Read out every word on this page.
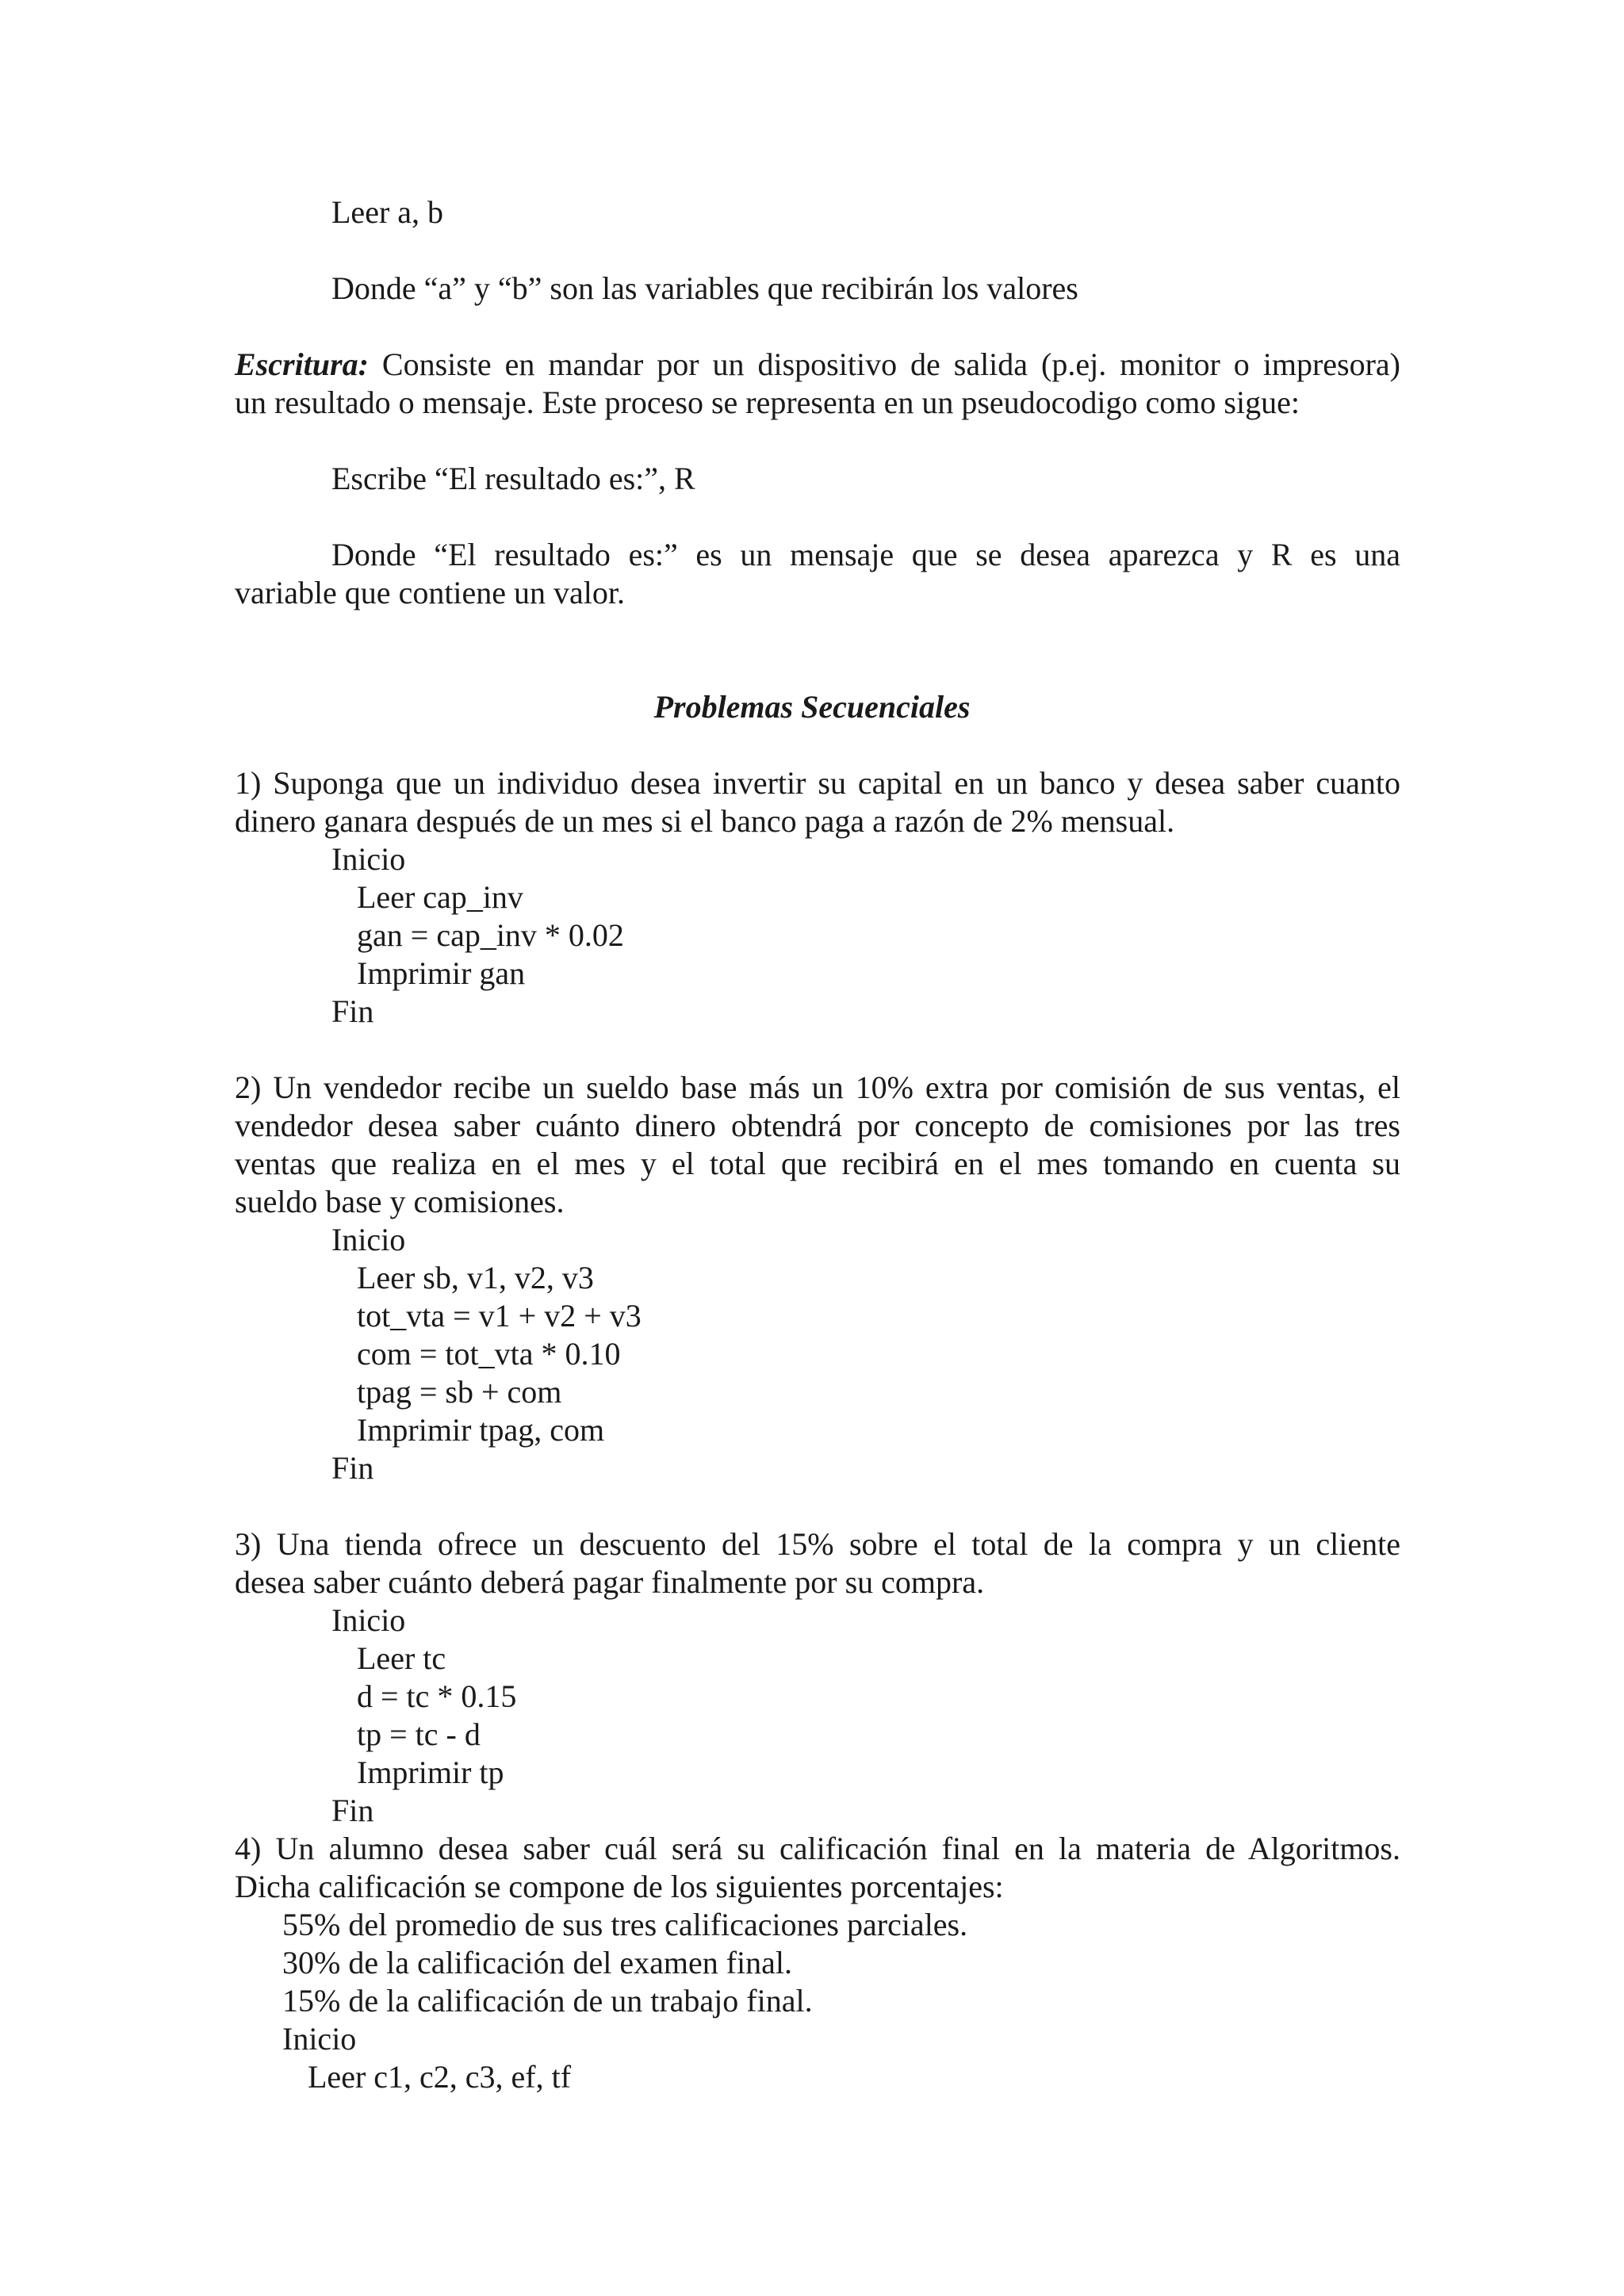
Leer a, b
Donde “a” y “b” son las variables que recibirán los valores
Escritura: Consiste en mandar por un dispositivo de salida (p.ej. monitor o impresora)
un resultado o mensaje. Este proceso se representa en un pseudocodigo como sigue:
Escribe “El resultado es:”, R
Donde “El resultado es:” es un mensaje que se desea aparezca y R es una
variable que contiene un valor.
Problemas Secuenciales
1) Suponga que un individuo desea invertir su capital en un banco y desea saber cuanto
dinero ganara después de un mes si el banco paga a razón de 2% mensual.
Inicio
Leer cap_inv
gan = cap_inv * 0.02
Imprimir gan
Fin
2) Un vendedor recibe un sueldo base más un 10% extra por comisión de sus ventas, el
vendedor desea saber cuánto dinero obtendrá por concepto de comisiones por las tres
ventas que realiza en el mes y el total que recibirá en el mes tomando en cuenta su
sueldo base y comisiones.
Inicio
Leer sb, v1, v2, v3
tot_vta = v1 + v2 + v3
com = tot_vta * 0.10
tpag = sb + com
Imprimir tpag, com
Fin
3) Una tienda ofrece un descuento del 15% sobre el total de la compra y un cliente
desea saber cuánto deberá pagar finalmente por su compra.
Inicio
Leer tc
d = tc * 0.15
tp = tc - d
Imprimir tp
Fin
4) Un alumno desea saber cuál será su calificación final en la materia de Algoritmos.
Dicha calificación se compone de los siguientes porcentajes:
55% del promedio de sus tres calificaciones parciales.
30% de la calificación del examen final.
15% de la calificación de un trabajo final.
Inicio
Leer c1, c2, c3, ef, tf
